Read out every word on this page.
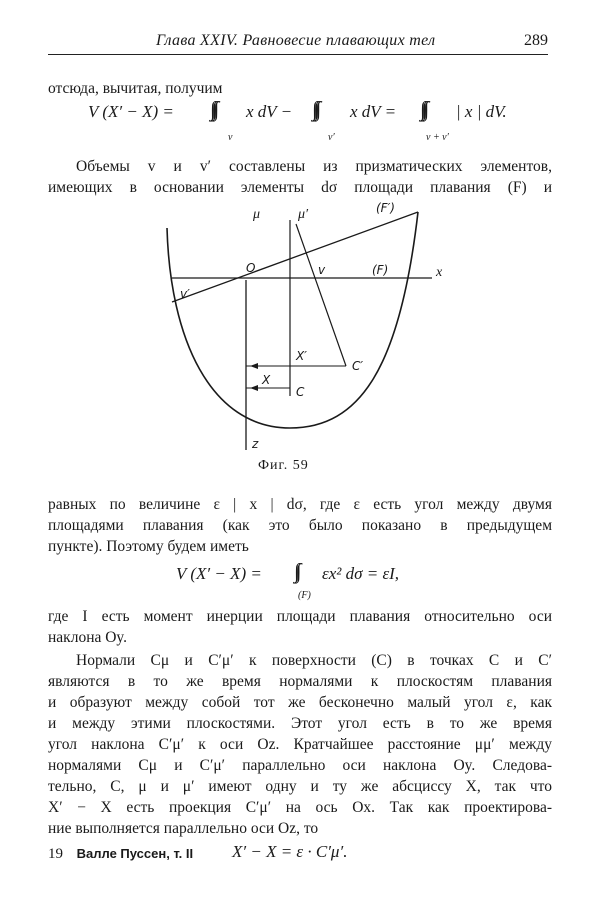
Глава XXIV. Равновесие плавающих тел	289
отсюда, вычитая, получим
V (X′ − X) = ∫∫∫ x dV − ∫∫∫ x dV = ∫∫∫ | x | dV.
v	v′	v + v′
Объемы v и v′ составлены из призматических элементов,
имеющих в основании элементы dσ площади плавания (F) и
μ	μ′	(F′)
O	v	(F)	x
v′
X′
C′
X
C
z
Фиг. 59
равных по величине ε | x | dσ, где ε есть угол между двумя
площадями плавания (как это было показано в предыдущем
пункте). Поэтому будем иметь
V (X′ − X) = ∫∫ εx² dσ = εI,
(F)
где I есть момент инерции площади плавания относительно оси
наклона Oy.
Нормали Cμ и C′μ′ к поверхности (C) в точках C и C′
являются в то же время нормалями к плоскостям плавания
и образуют между собой тот же бесконечно малый угол ε, как
и между этими плоскостями. Этот угол есть в то же время
угол наклона C′μ′ к оси Oz. Кратчайшее расстояние μμ′ между
нормалями Cμ и C′μ′ параллельно оси наклона Oy. Следова-
тельно, C, μ и μ′ имеют одну и ту же абсциссу X, так что
X′ − X есть проекция C′μ′ на ось Ox. Так как проектирова-
ние выполняется параллельно оси Oz, то
X′ − X = ε · C′μ′.
19 Валле Пуссен, т. II
